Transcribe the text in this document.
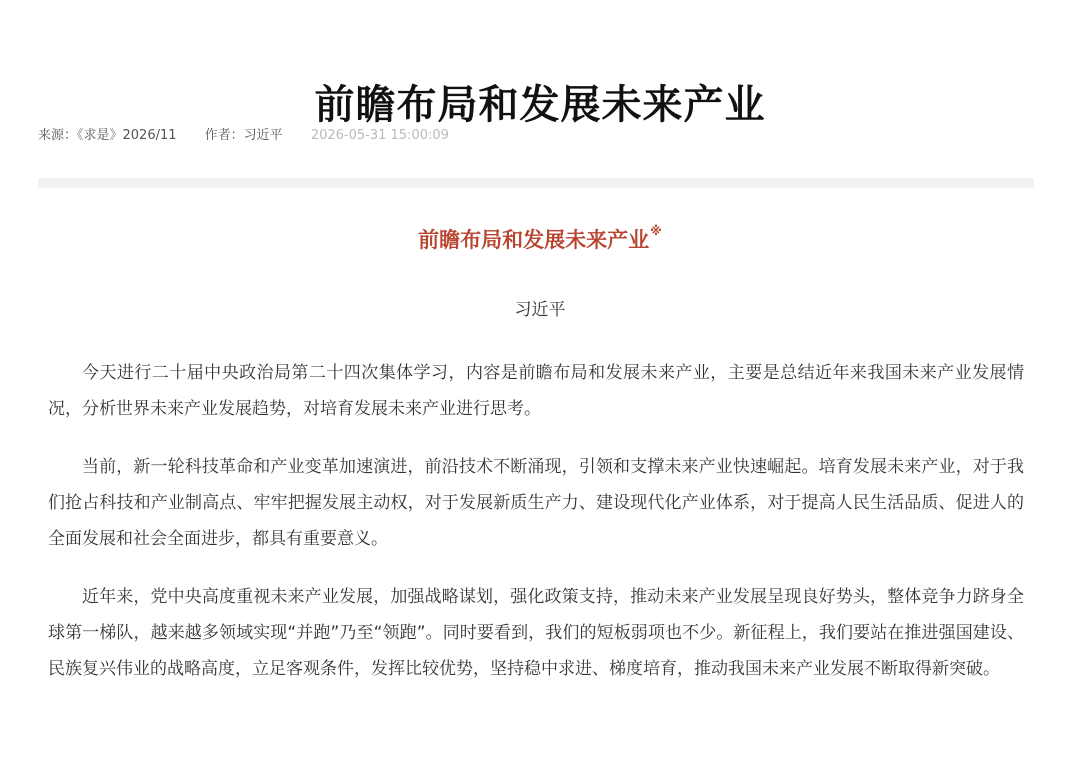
前瞻布局和发展未来产业
来源：《求是》2026/11 作者：习近平 2026-05-31 15:00:09
前瞻布局和发展未来产业※
习近平

今天进行二十届中央政治局第二十四次集体学习，内容是前瞻布局和发展未来产业，主要是总结近年来我国未来产业发展情况，分析世界未来产业发展趋势，对培育发展未来产业进行思考。

当前，新一轮科技革命和产业变革加速演进，前沿技术不断涌现，引领和支撑未来产业快速崛起。培育发展未来产业，对于我们抢占科技和产业制高点、牢牢把握发展主动权，对于发展新质生产力、建设现代化产业体系，对于提高人民生活品质、促进人的全面发展和社会全面进步，都具有重要意义。

近年来，党中央高度重视未来产业发展，加强战略谋划，强化政策支持，推动未来产业发展呈现良好势头，整体竞争力跻身全球第一梯队，越来越多领域实现“并跑”乃至“领跑”。同时要看到，我们的短板弱项也不少。新征程上，我们要站在推进强国建设、民族复兴伟业的战略高度，立足客观条件，发挥比较优势，坚持稳中求进、梯度培育，推动我国未来产业发展不断取得新突破。
